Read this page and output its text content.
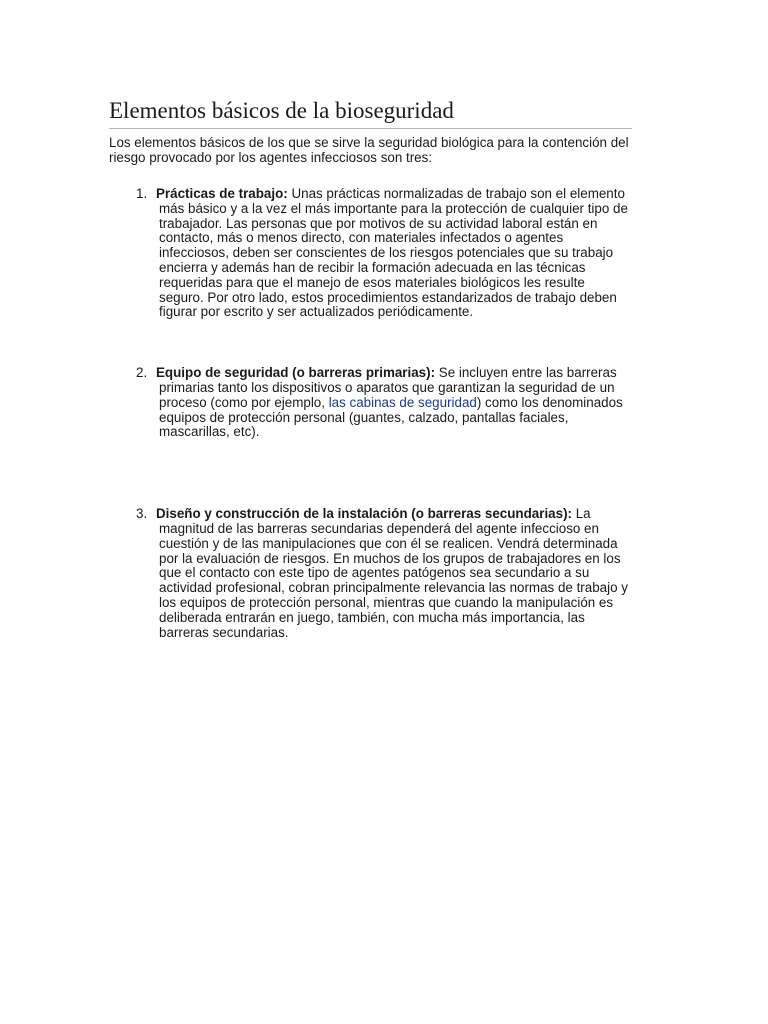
Elementos básicos de la bioseguridad

Los elementos básicos de los que se sirve la seguridad biológica para la contención del riesgo provocado por los agentes infecciosos son tres:

1. Prácticas de trabajo: Unas prácticas normalizadas de trabajo son el elemento más básico y a la vez el más importante para la protección de cualquier tipo de trabajador. Las personas que por motivos de su actividad laboral están en contacto, más o menos directo, con materiales infectados o agentes infecciosos, deben ser conscientes de los riesgos potenciales que su trabajo encierra y además han de recibir la formación adecuada en las técnicas requeridas para que el manejo de esos materiales biológicos les resulte seguro. Por otro lado, estos procedimientos estandarizados de trabajo deben figurar por escrito y ser actualizados periódicamente.
2. Equipo de seguridad (o barreras primarias): Se incluyen entre las barreras primarias tanto los dispositivos o aparatos que garantizan la seguridad de un proceso (como por ejemplo, las cabinas de seguridad) como los denominados equipos de protección personal (guantes, calzado, pantallas faciales, mascarillas, etc).
3. Diseño y construcción de la instalación (o barreras secundarias): La magnitud de las barreras secundarias dependerá del agente infeccioso en cuestión y de las manipulaciones que con él se realicen. Vendrá determinada por la evaluación de riesgos. En muchos de los grupos de trabajadores en los que el contacto con este tipo de agentes patógenos sea secundario a su actividad profesional, cobran principalmente relevancia las normas de trabajo y los equipos de protección personal, mientras que cuando la manipulación es deliberada entrarán en juego, también, con mucha más importancia, las barreras secundarias.
